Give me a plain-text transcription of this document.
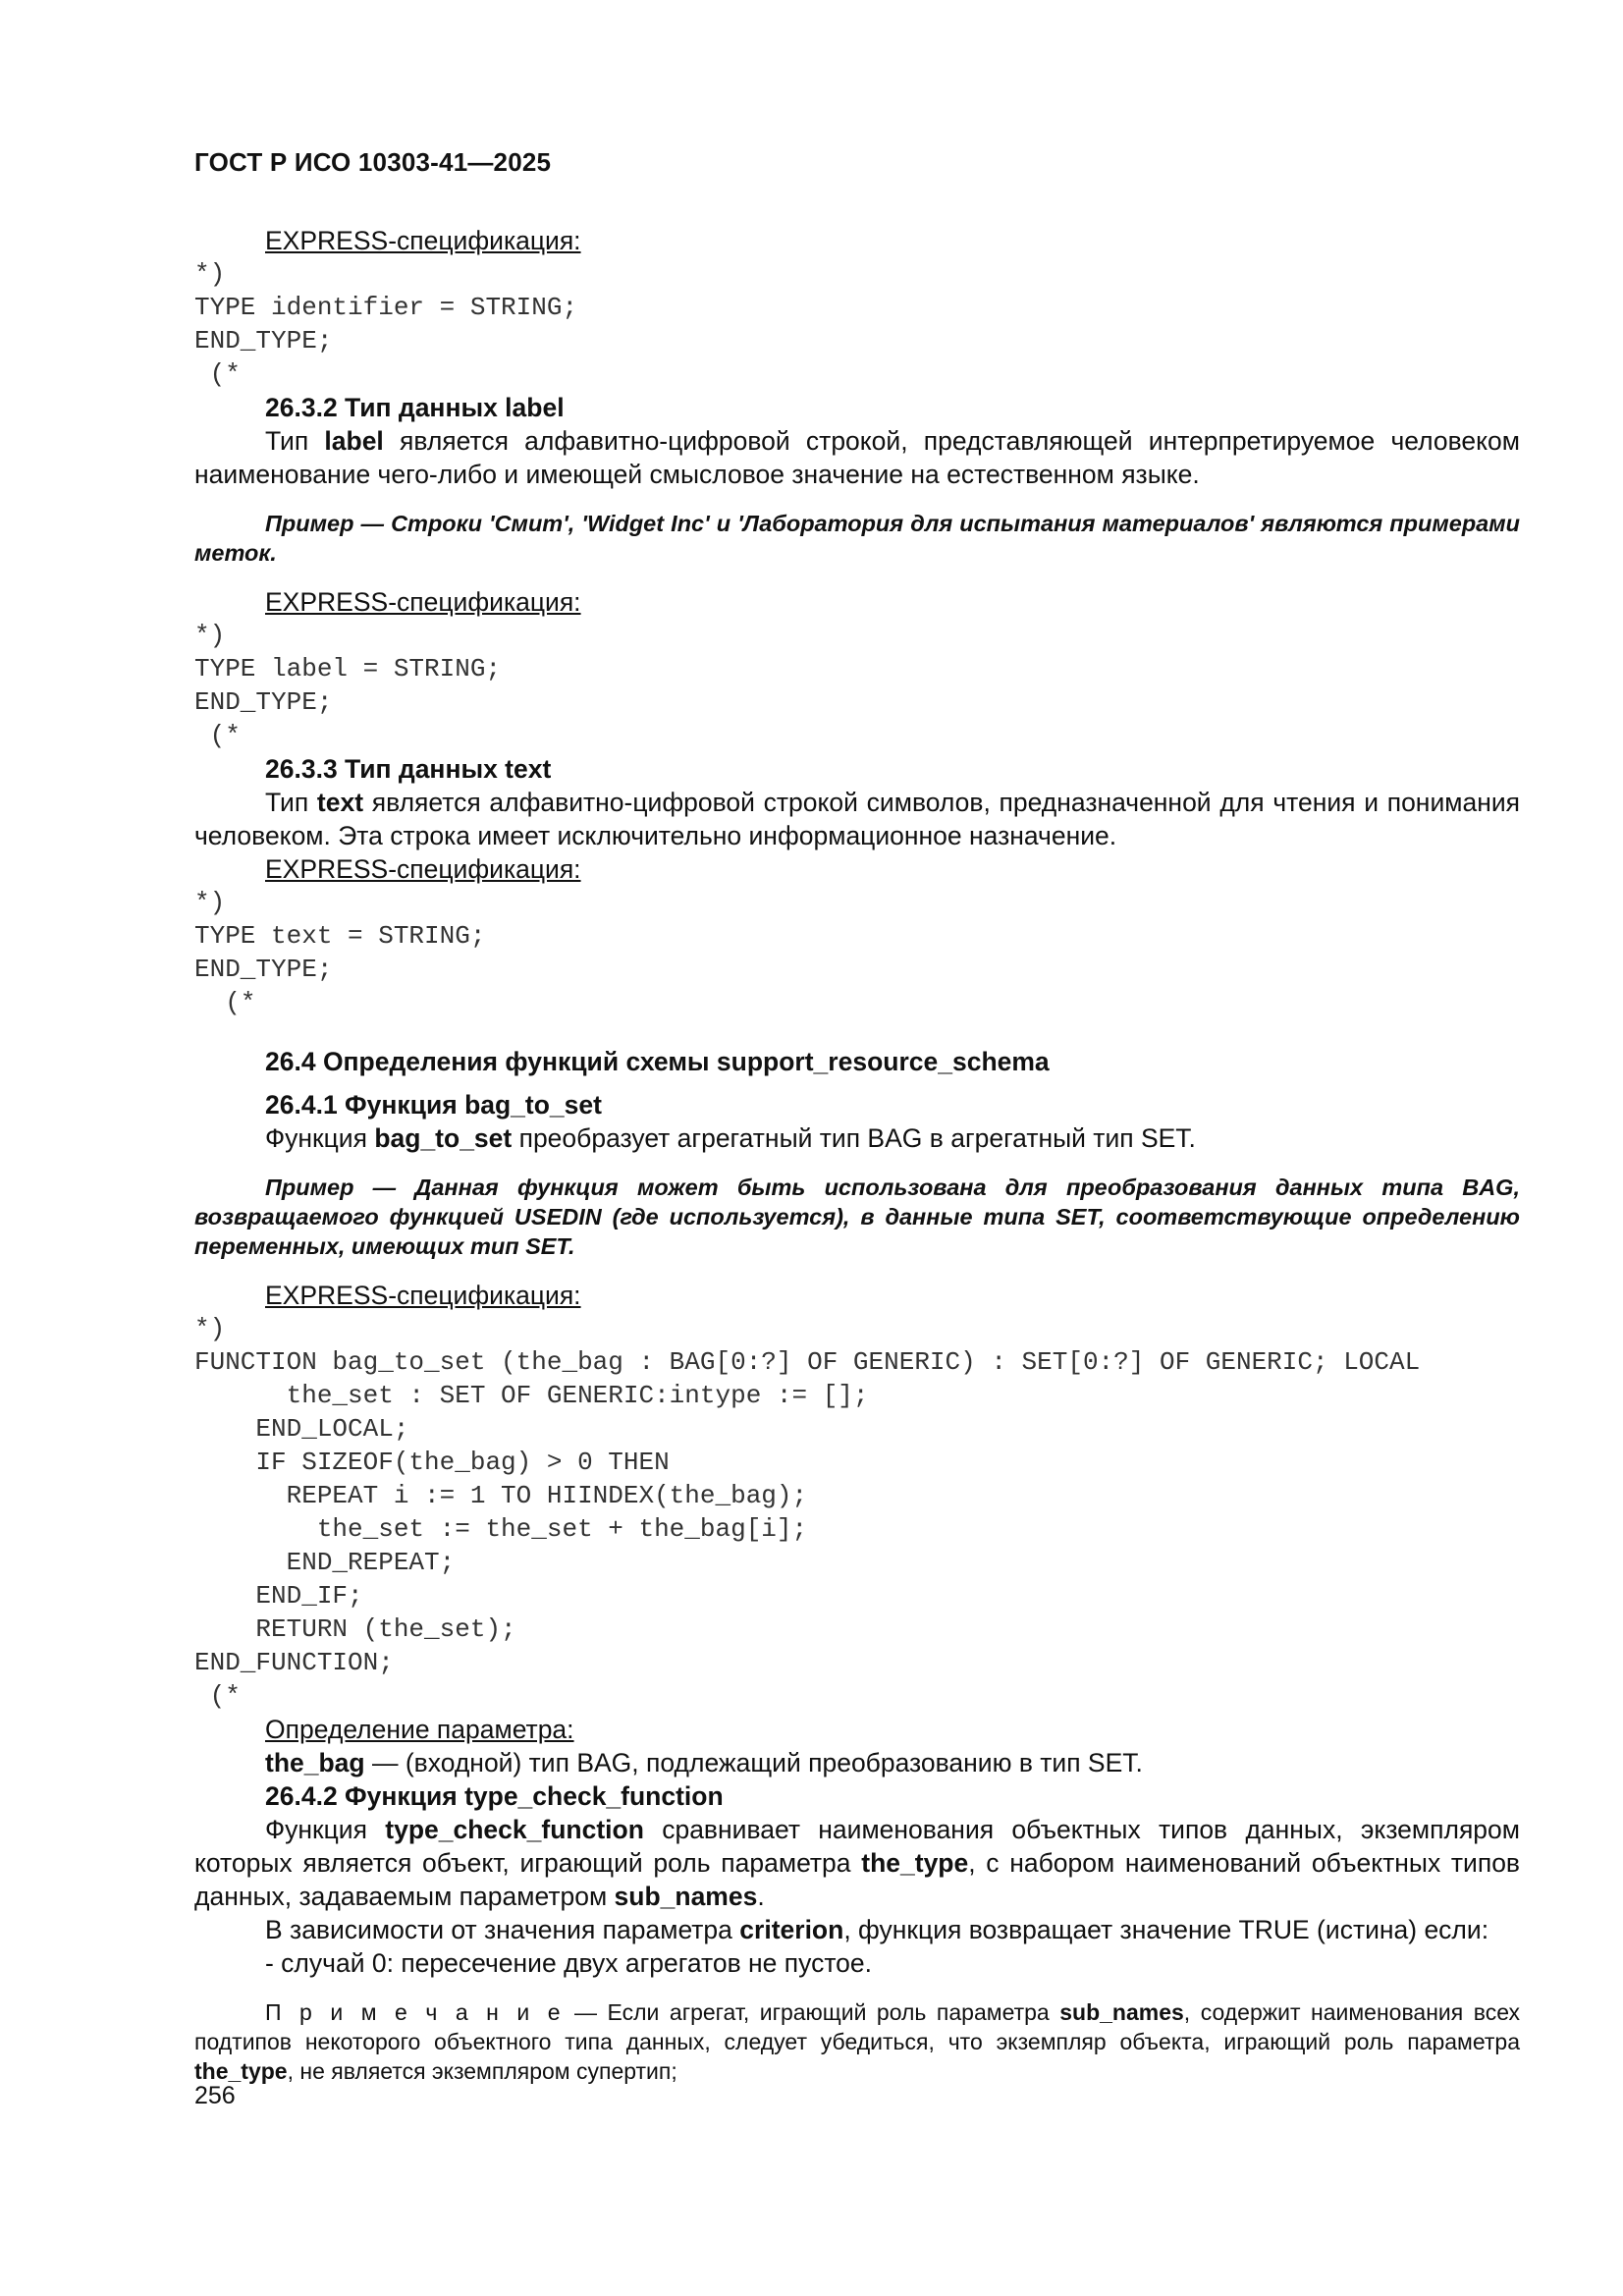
ГОСТ Р ИСО 10303-41—2025

EXPRESS-спецификация:

*)

TYPE identifier = STRING;

END_TYPE;

(*

26.3.2 Тип данных label

Тип label является алфавитно-цифровой строкой, представляющей интерпретируемое человеком наименование чего-либо и имеющей смысловое значение на естественном языке.

Пример — Строки 'Смит', 'Widget Inc' и 'Лаборатория для испытания материалов' являются примерами меток.

EXPRESS-спецификация:

*)

TYPE label = STRING;

END_TYPE;

(*

26.3.3 Тип данных text

Тип text является алфавитно-цифровой строкой символов, предназначенной для чтения и понимания человеком. Эта строка имеет исключительно информационное назначение.

EXPRESS-спецификация:

*)

TYPE text = STRING;

END_TYPE;

(*

26.4 Определения функций схемы support_resource_schema

26.4.1 Функция bag_to_set

Функция bag_to_set преобразует агрегатный тип BAG в агрегатный тип SET.

Пример — Данная функция может быть использована для преобразования данных типа BAG, возвращаемого функцией USEDIN (где используется), в данные типа SET, соответствующие определению переменных, имеющих тип SET.

EXPRESS-спецификация:

*)

FUNCTION bag_to_set (the_bag : BAG[0:?] OF GENERIC) : SET[0:?] OF GENERIC; LOCAL

the_set : SET OF GENERIC:intype := [];

END_LOCAL;

IF SIZEOF(the_bag) > 0 THEN

REPEAT i := 1 TO HIINDEX(the_bag);

the_set := the_set + the_bag[i];

END_REPEAT;

END_IF;

RETURN (the_set);

END_FUNCTION;

(*

Определение параметра:

the_bag — (входной) тип BAG, подлежащий преобразованию в тип SET.

26.4.2 Функция type_check_function

Функция type_check_function сравнивает наименования объектных типов данных, экземпляром которых является объект, играющий роль параметра the_type, с набором наименований объектных типов данных, задаваемым параметром sub_names.

В зависимости от значения параметра criterion, функция возвращает значение TRUE (истина) если:

- случай 0: пересечение двух агрегатов не пустое.

П р и м е ч а н и е — Если агрегат, играющий роль параметра sub_names, содержит наименования всех подтипов некоторого объектного типа данных, следует убедиться, что экземпляр объекта, играющий роль параметра the_type, не является экземпляром супертип;

256
